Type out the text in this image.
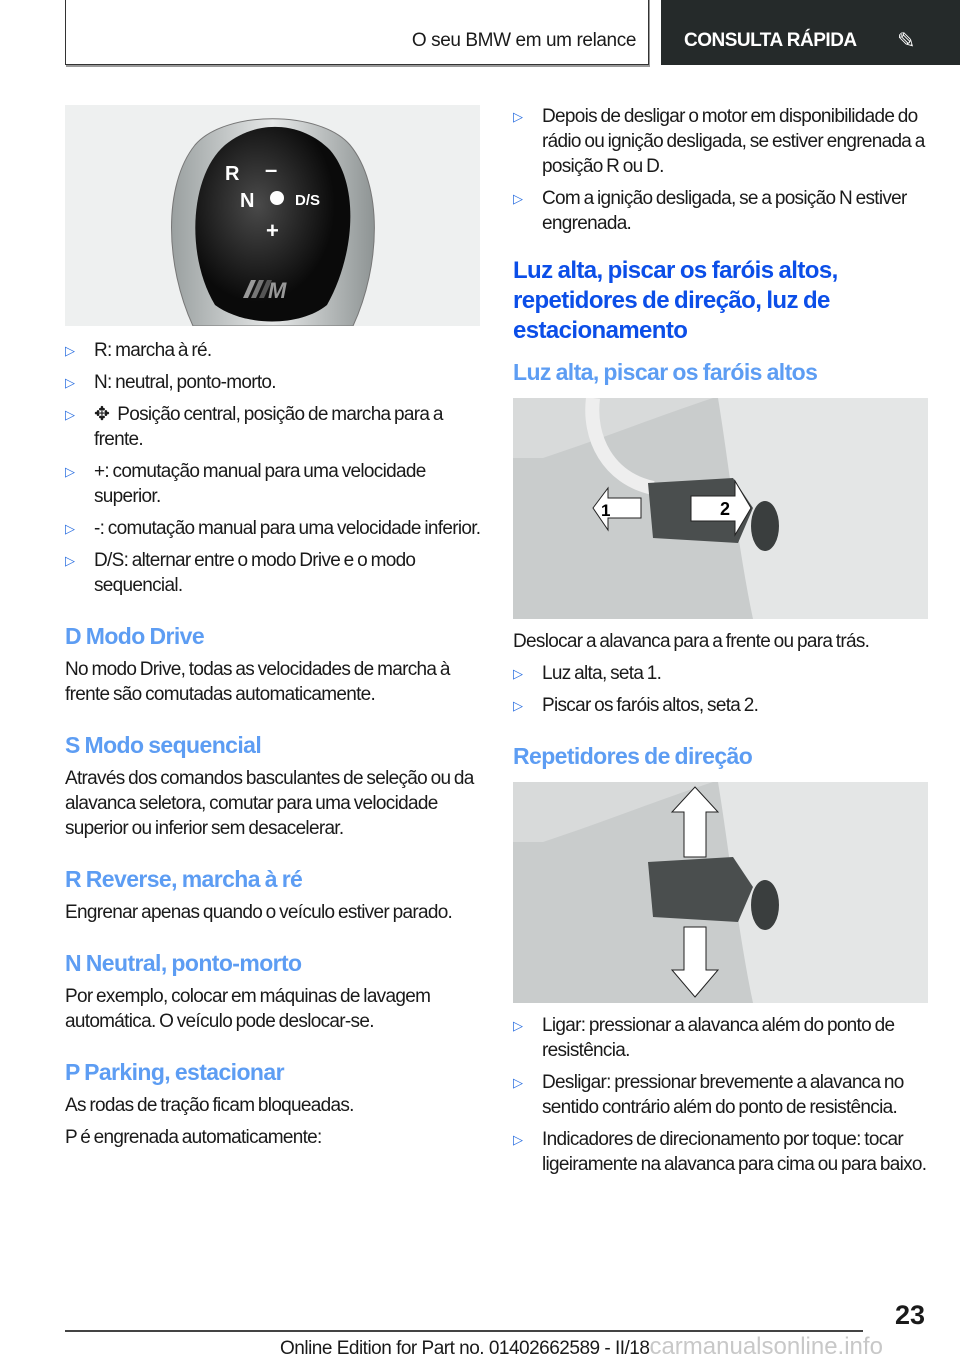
O seu BMW em um relance	CONSULTA RÁPIDA ✎
R –
N	D/S
+
M
▷ R: marcha à ré.
▷ N: neutral, ponto-morto.
▷ ✥ Posição central, posição de marcha para a frente.
▷ +: comutação manual para uma velocidade superior.
▷ -: comutação manual para uma velocidade inferior.
▷ D/S: alternar entre o modo Drive e o modo sequencial.
D Modo Drive
No modo Drive, todas as velocidades de marcha à frente são comutadas automaticamente.
S Modo sequencial
Através dos comandos basculantes de seleção ou da alavanca seletora, comutar para uma velocidade superior ou inferior sem desacelerar.
R Reverse, marcha à ré
Engrenar apenas quando o veículo estiver parado.
N Neutral, ponto-morto
Por exemplo, colocar em máquinas de lavagem automática. O veículo pode deslocar-se.
P Parking, estacionar
As rodas de tração ficam bloqueadas.
P é engrenada automaticamente:
▷ Depois de desligar o motor em disponibilidade do rádio ou ignição desligada, se estiver engrenada a posição R ou D.
▷ Com a ignição desligada, se a posição N estiver engrenada.
Luz alta, piscar os faróis altos, repetidores de direção, luz de estacionamento
Luz alta, piscar os faróis altos
1	2
Deslocar a alavanca para a frente ou para trás.
▷ Luz alta, seta 1.
▷ Piscar os faróis altos, seta 2.
Repetidores de direção
▷ Ligar: pressionar a alavanca além do ponto de resistência.
▷ Desligar: pressionar brevemente a alavanca no sentido contrário além do ponto de resistência.
▷ Indicadores de direcionamento por toque: tocar ligeiramente na alavanca para cima ou para baixo.
23
Online Edition for Part no. 01402662589 - II/18carmanualsonline.info
